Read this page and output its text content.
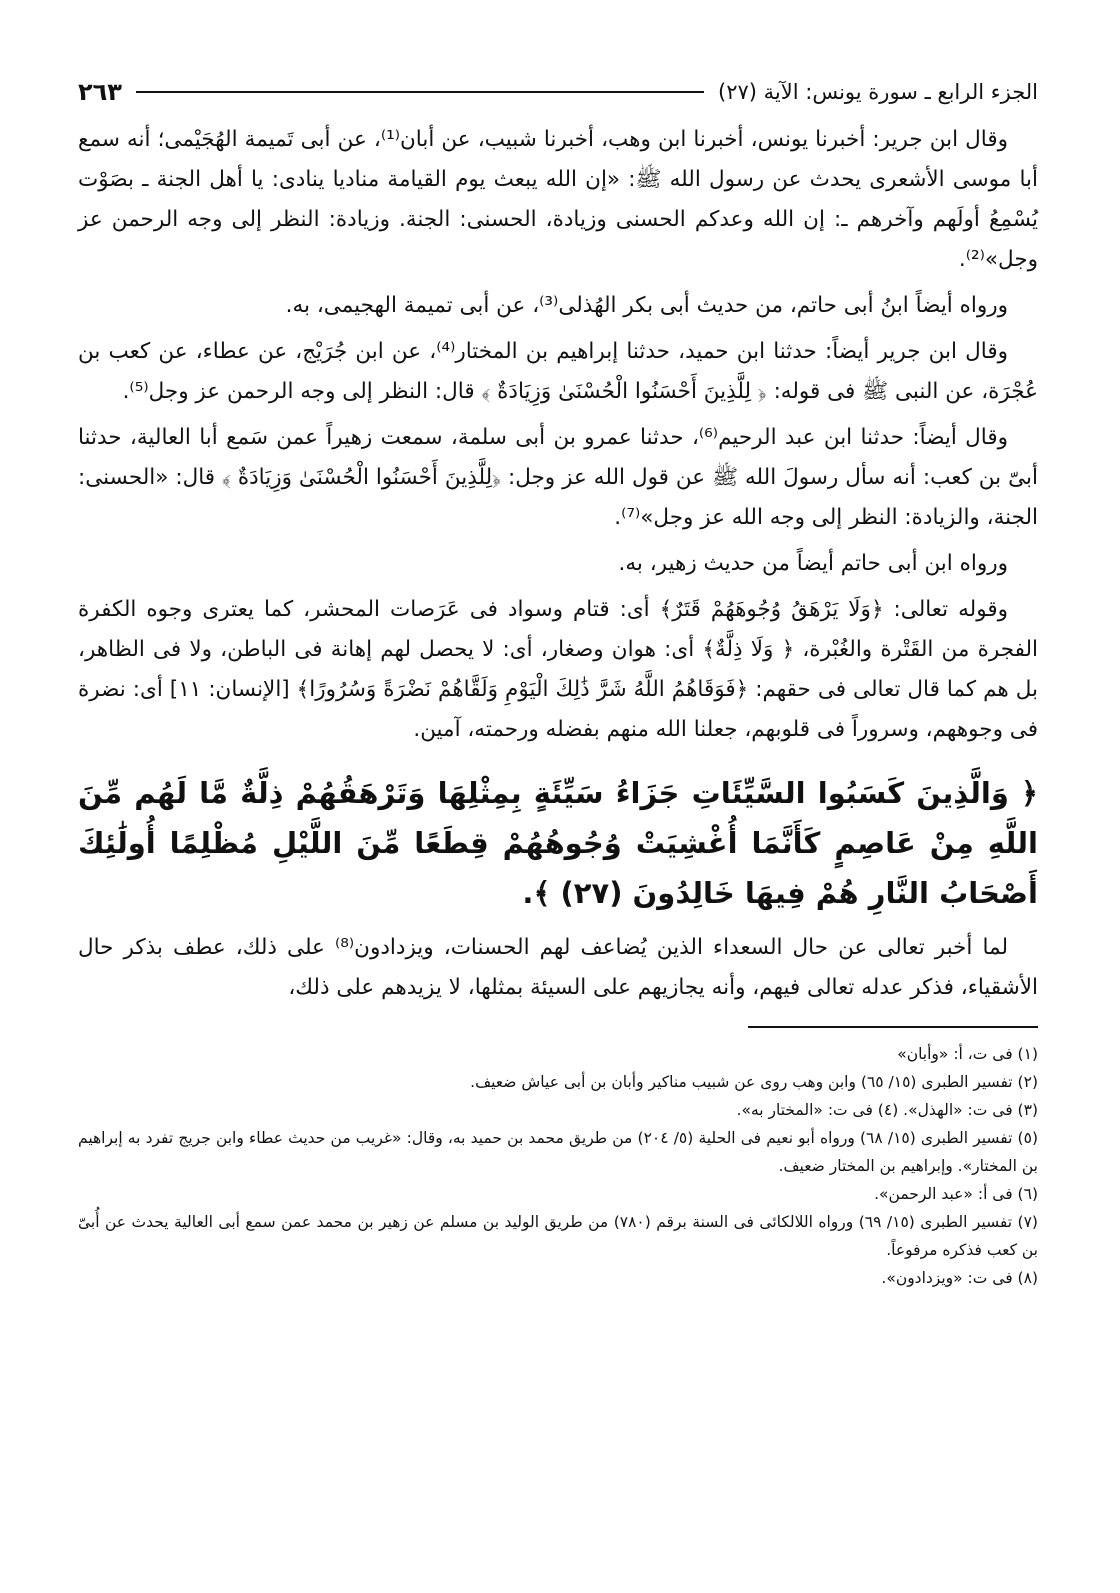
الجزء الرابع ـ سورة يونس: الآية (٢٧)
٢٦٣

وقال ابن جرير: أخبرنا يونس، أخبرنا ابن وهب، أخبرنا شبيب، عن أبان⁽¹⁾، عن أبى تَميمة الهُجَيْمى؛ أنه سمع أبا موسى الأشعرى يحدث عن رسول الله ﷺ: «إن الله يبعث يوم القيامة مناديا ينادى: يا أهل الجنة ـ بصَوْت يُسْمِعُ أولَهم وآخرهم ـ: إن الله وعدكم الحسنى وزيادة، الحسنى: الجنة. وزيادة: النظر إلى وجه الرحمن عز وجل»⁽²⁾.

ورواه أيضاً ابنُ أبى حاتم، من حديث أبى بكر الهُذلى⁽³⁾، عن أبى تميمة الهجيمى، به.

وقال ابن جرير أيضاً: حدثنا ابن حميد، حدثنا إبراهيم بن المختار⁽⁴⁾، عن ابن جُرَيْج، عن عطاء، عن كعب بن عُجْرَة، عن النبى ﷺ فى قوله: ﴿ لِلَّذِينَ أَحْسَنُوا الْحُسْنَىٰ وَزِيَادَةٌ ﴾ قال: النظر إلى وجه الرحمن عز وجل⁽⁵⁾.

وقال أيضاً: حدثنا ابن عبد الرحيم⁽⁶⁾، حدثنا عمرو بن أبى سلمة، سمعت زهيراً عمن سَمع أبا العالية، حدثنا أبىّ بن كعب: أنه سأل رسولَ الله ﷺ عن قول الله عز وجل: ﴿لِلَّذِينَ أَحْسَنُوا الْحُسْنَىٰ وَزِيَادَةٌ ﴾ قال: «الحسنى: الجنة، والزيادة: النظر إلى وجه الله عز وجل»⁽⁷⁾.

ورواه ابن أبى حاتم أيضاً من حديث زهير، به.

وقوله تعالى: ﴿وَلَا يَرْهَقُ وُجُوهَهُمْ قَتَرٌ﴾ أى: قتام وسواد فى عَرَصات المحشر، كما يعترى وجوه الكفرة الفجرة من القَتْرة والغُبْرة، ﴿ وَلَا ذِلَّةٌ﴾ أى: هوان وصغار، أى: لا يحصل لهم إهانة فى الباطن، ولا فى الظاهر، بل هم كما قال تعالى فى حقهم: ﴿فَوَقَاهُمُ اللَّهُ شَرَّ ذَٰلِكَ الْيَوْمِ وَلَقَّاهُمْ نَضْرَةً وَسُرُورًا﴾ [الإنسان: ١١] أى: نضرة فى وجوههم، وسروراً فى قلوبهم، جعلنا الله منهم بفضله ورحمته، آمين.

﴿ وَالَّذِينَ كَسَبُوا السَّيِّئَاتِ جَزَاءُ سَيِّئَةٍ بِمِثْلِهَا وَتَرْهَقُهُمْ ذِلَّةٌ مَّا لَهُم مِّنَ اللَّهِ مِنْ عَاصِمٍ كَأَنَّمَا أُغْشِيَتْ وُجُوهُهُمْ قِطَعًا مِّنَ اللَّيْلِ مُظْلِمًا أُولَٰئِكَ أَصْحَابُ النَّارِ هُمْ فِيهَا خَالِدُونَ (٢٧) ﴾.

لما أخبر تعالى عن حال السعداء الذين يُضاعف لهم الحسنات، ويزدادون⁽⁸⁾ على ذلك، عطف بذكر حال الأشقياء، فذكر عدله تعالى فيهم، وأنه يجازيهم على السيئة بمثلها، لا يزيدهم على ذلك،

(١) فى ت، أ: «وأبان»

(٢) تفسير الطبرى (١٥/ ٦٥) وابن وهب روى عن شبيب مناكير وأبان بن أبى عياش ضعيف.

(٣) فى ت: «الهذل». (٤) فى ت: «المختار به».

(٥) تفسير الطبرى (١٥/ ٦٨) ورواه أبو نعيم فى الحلية (٥/ ٢٠٤) من طريق محمد بن حميد به، وقال: «غريب من حديث عطاء وابن جريج تفرد به إبراهيم بن المختار». وإبراهيم بن المختار ضعيف.

(٦) فى أ: «عبد الرحمن».

(٧) تفسير الطبرى (١٥/ ٦٩) ورواه اللالكائى فى السنة برقم (٧٨٠) من طريق الوليد بن مسلم عن زهير بن محمد عمن سمع أبى العالية يحدث عن أُبىّ بن كعب فذكره مرفوعاً.

(٨) فى ت: «ويزدادون».
